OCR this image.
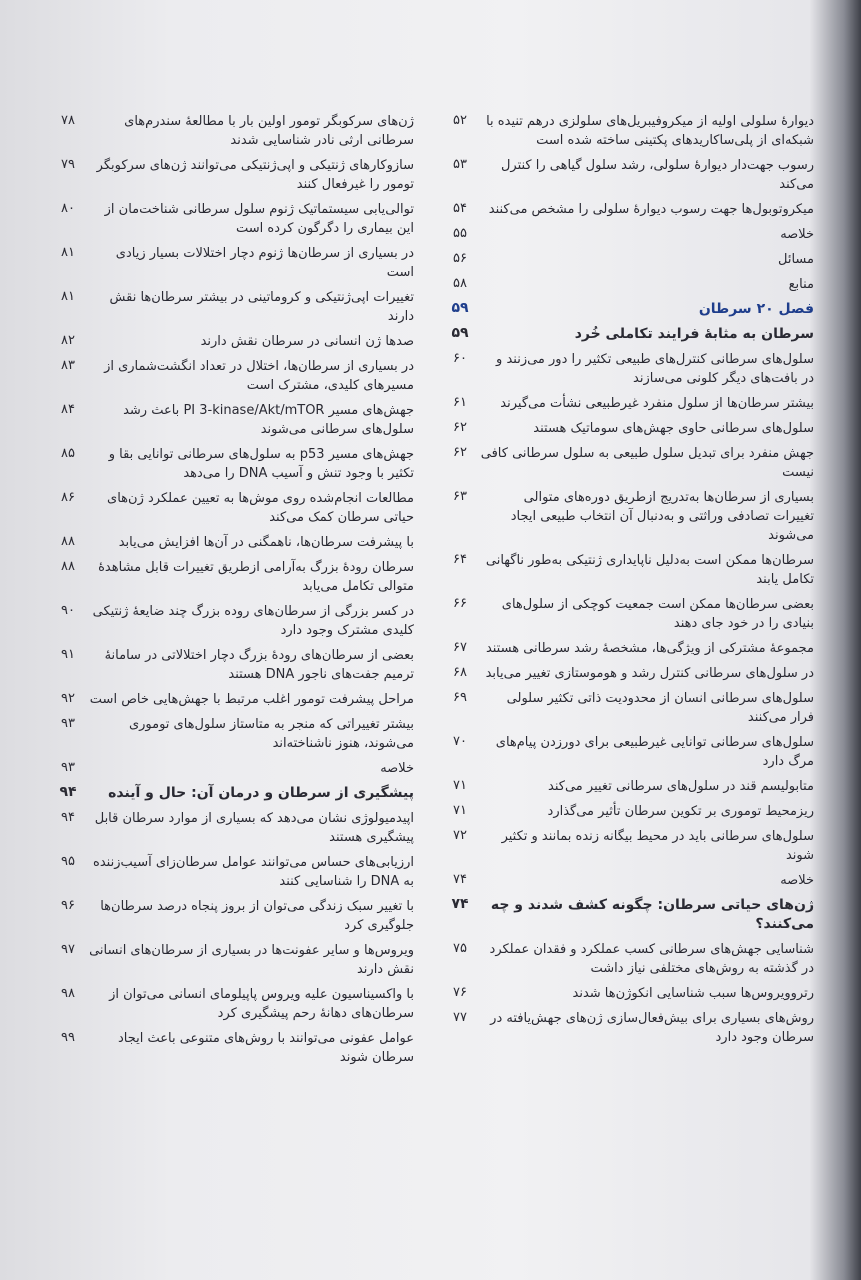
دیوارهٔ سلولی اولیه از میکروفیبریل‌های سلولزی درهم تنیده با شبکه‌ای از پلی‌ساکاریدهای پکتینی ساخته شده است
۵۲
رسوب جهت‌دار دیوارهٔ سلولی، رشد سلول گیاهی را کنترل می‌کند
۵۳
میکروتوبول‌ها جهت رسوب دیوارهٔ سلولی را مشخص می‌کنند
۵۴
خلاصه
۵۵
مسائل
۵۶
منابع
۵۸
فصل ۲۰ سرطان
۵۹
سرطان به مثابهٔ فرایند تکاملی خُرد
۵۹
سلول‌های سرطانی کنترل‌های طبیعی تکثیر را دور می‌زنند و در بافت‌های دیگر کلونی می‌سازند
۶۰
بیشتر سرطان‌ها از سلول منفرد غیرطبیعی نشأت می‌گیرند
۶۱
سلول‌های سرطانی حاوی جهش‌های سوماتیک هستند
۶۲
جهش منفرد برای تبدیل سلول طبیعی به سلول سرطانی کافی نیست
۶۲
بسیاری از سرطان‌ها به‌تدریج ازطریق دوره‌های متوالی تغییرات تصادفی وراثتی و به‌دنبال آن انتخاب طبیعی ایجاد می‌شوند
۶۳
سرطان‌ها ممکن است به‌دلیل ناپایداری ژنتیکی به‌طور ناگهانی تکامل یابند
۶۴
بعضی سرطان‌ها ممکن است جمعیت کوچکی از سلول‌های بنیادی را در خود جای دهند
۶۶
مجموعهٔ مشترکی از ویژگی‌ها، مشخصهٔ رشد سرطانی هستند
۶۷
در سلول‌های سرطانی کنترل رشد و هوموستازی تغییر می‌یابد
۶۸
سلول‌های سرطانی انسان از محدودیت ذاتی تکثیر سلولی فرار می‌کنند
۶۹
سلول‌های سرطانی توانایی غیرطبیعی برای دورزدن پیام‌های مرگ دارد
۷۰
متابولیسم قند در سلول‌های سرطانی تغییر می‌کند
۷۱
ریزمحیط توموری بر تکوین سرطان تأثیر می‌گذارد
۷۱
سلول‌های سرطانی باید در محیط بیگانه زنده بمانند و تکثیر شوند
۷۲
خلاصه
۷۴
ژن‌های حیاتی سرطان: چگونه کشف شدند و چه می‌کنند؟
۷۴
شناسایی جهش‌های سرطانی کسب عملکرد و فقدان عملکرد در گذشته به روش‌های مختلفی نیاز داشت
۷۵
رتروویروس‌ها سبب شناسایی انکوژن‌ها شدند
۷۶
روش‌های بسیاری برای بیش‌فعال‌سازی ژن‌های جهش‌یافته در سرطان وجود دارد
۷۷
ژن‌های سرکوبگر تومور اولین بار با مطالعهٔ سندرم‌های سرطانی ارثی نادر شناسایی شدند
۷۸
سازوکارهای ژنتیکی و اپی‌ژنتیکی می‌توانند ژن‌های سرکوبگر تومور را غیرفعال کنند
۷۹
توالی‌یابی سیستماتیک ژنوم سلول سرطانی شناخت‌مان از این بیماری را دگرگون کرده است
۸۰
در بسیاری از سرطان‌ها ژنوم دچار اختلالات بسیار زیادی است
۸۱
تغییرات اپی‌ژنتیکی و کروماتینی در بیشتر سرطان‌ها نقش دارند
۸۱
صدها ژن انسانی در سرطان نقش دارند
۸۲
در بسیاری از سرطان‌ها، اختلال در تعداد انگشت‌شماری از مسیرهای کلیدی، مشترک است
۸۳
جهش‌های مسیر PI 3-kinase/Akt/mTOR باعث رشد سلول‌های سرطانی می‌شوند
۸۴
جهش‌های مسیر p53 به سلول‌های سرطانی توانایی بقا و تکثیر با وجود تنش و آسیب DNA را می‌دهد
۸۵
مطالعات انجام‌شده روی موش‌ها به تعیین عملکرد ژن‌های حیاتی سرطان کمک می‌کند
۸۶
با پیشرفت سرطان‌ها، ناهمگنی در آن‌ها افزایش می‌یابد
۸۸
سرطان رودهٔ بزرگ به‌آرامی ازطریق تغییرات قابل مشاهدهٔ متوالی تکامل می‌یابد
۸۸
در کسر بزرگی از سرطان‌های روده بزرگ چند ضایعهٔ ژنتیکی کلیدی مشترک وجود دارد
۹۰
بعضی از سرطان‌های رودهٔ بزرگ دچار اختلالاتی در سامانهٔ ترمیم جفت‌های ناجور DNA هستند
۹۱
مراحل پیشرفت تومور اغلب مرتبط با جهش‌هایی خاص است
۹۲
بیشتر تغییراتی که منجر به متاستاز سلول‌های توموری می‌شوند، هنوز ناشناخته‌اند
۹۳
خلاصه
۹۳
پیشگیری از سرطان و درمان آن: حال و آینده
۹۴
اپیدمیولوژی نشان می‌دهد که بسیاری از موارد سرطان قابل پیشگیری هستند
۹۴
ارزیابی‌های حساس می‌توانند عوامل سرطان‌زای آسیب‌زننده به DNA را شناسایی کنند
۹۵
با تغییر سبک زندگی می‌توان از بروز پنجاه درصد سرطان‌ها جلوگیری کرد
۹۶
ویروس‌ها و سایر عفونت‌ها در بسیاری از سرطان‌های انسانی نقش دارند
۹۷
با واکسیناسیون علیه ویروس پاپیلومای انسانی می‌توان از سرطان‌های دهانهٔ رحم پیشگیری کرد
۹۸
عوامل عفونی می‌توانند با روش‌های متنوعی باعث ایجاد سرطان شوند
۹۹
